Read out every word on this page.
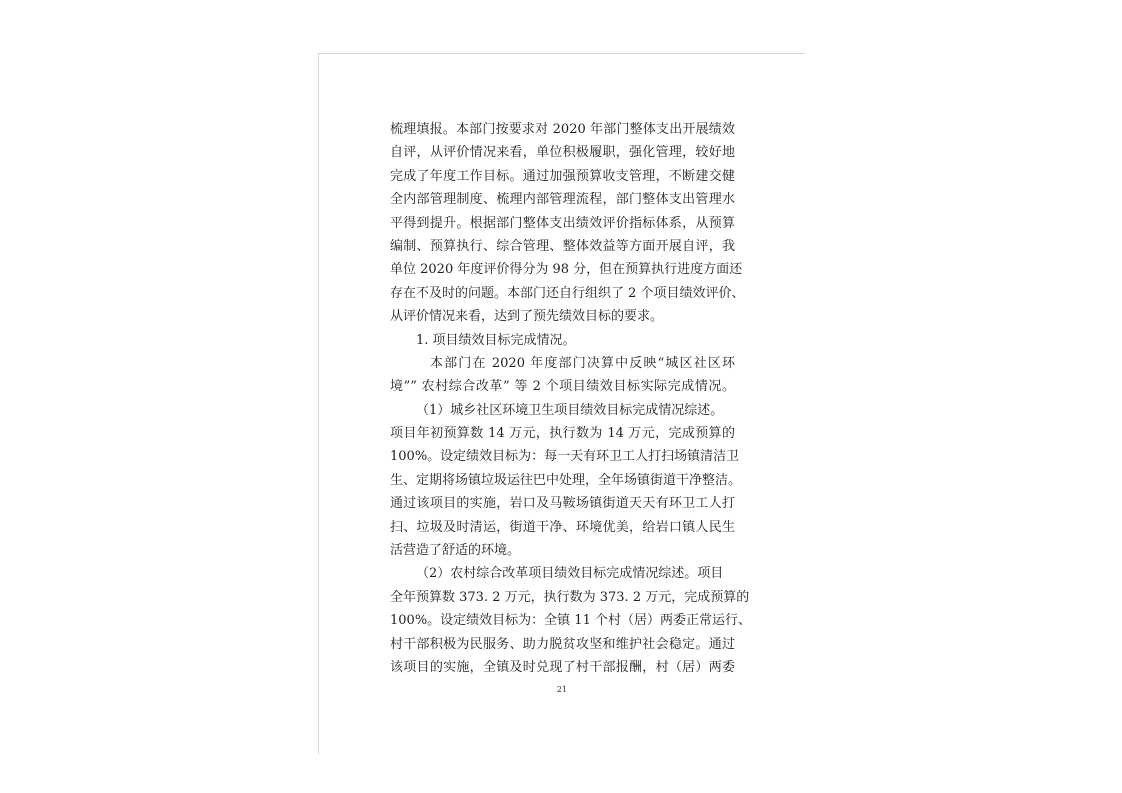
梳理填报。本部门按要求对 2020 年部门整体支出开展绩效
自评，从评价情况来看，单位积极履职，强化管理，较好地
完成了年度工作目标。通过加强预算收支管理，不断建交健
全内部管理制度、梳理内部管理流程，部门整体支出管理水
平得到提升。根据部门整体支出绩效评价指标体系，从预算
编制、预算执行、综合管理、整体效益等方面开展自评，我
单位 2020 年度评价得分为 98 分，但在预算执行进度方面还
存在不及时的问题。本部门还自行组织了 2 个项目绩效评价、
从评价情况来看，达到了预先绩效目标的要求。
1. 项目绩效目标完成情况。
本部门在 2020 年度部门决算中反映“城区社区环
境”” 农村综合改革” 等 2 个项目绩效目标实际完成情况。
（1）城乡社区环境卫生项目绩效目标完成情况综述。
项目年初预算数 14 万元，执行数为 14 万元，完成预算的
100%。设定绩效目标为：每一天有环卫工人打扫场镇清洁卫
生、定期将场镇垃圾运往巴中处理，全年场镇街道干净整洁。
通过该项目的实施，岩口及马鞍场镇街道天天有环卫工人打
扫、垃圾及时清运，街道干净、环境优美，给岩口镇人民生
活营造了舒适的环境。
（2）农村综合改革项目绩效目标完成情况综述。项目
全年预算数 373. 2 万元，执行数为 373. 2 万元，完成预算的
100%。设定绩效目标为：全镇 11 个村（居）两委正常运行、
村干部积极为民服务、助力脱贫攻坚和维护社会稳定。通过
该项目的实施，全镇及时兑现了村干部报酬，村（居）两委
21
